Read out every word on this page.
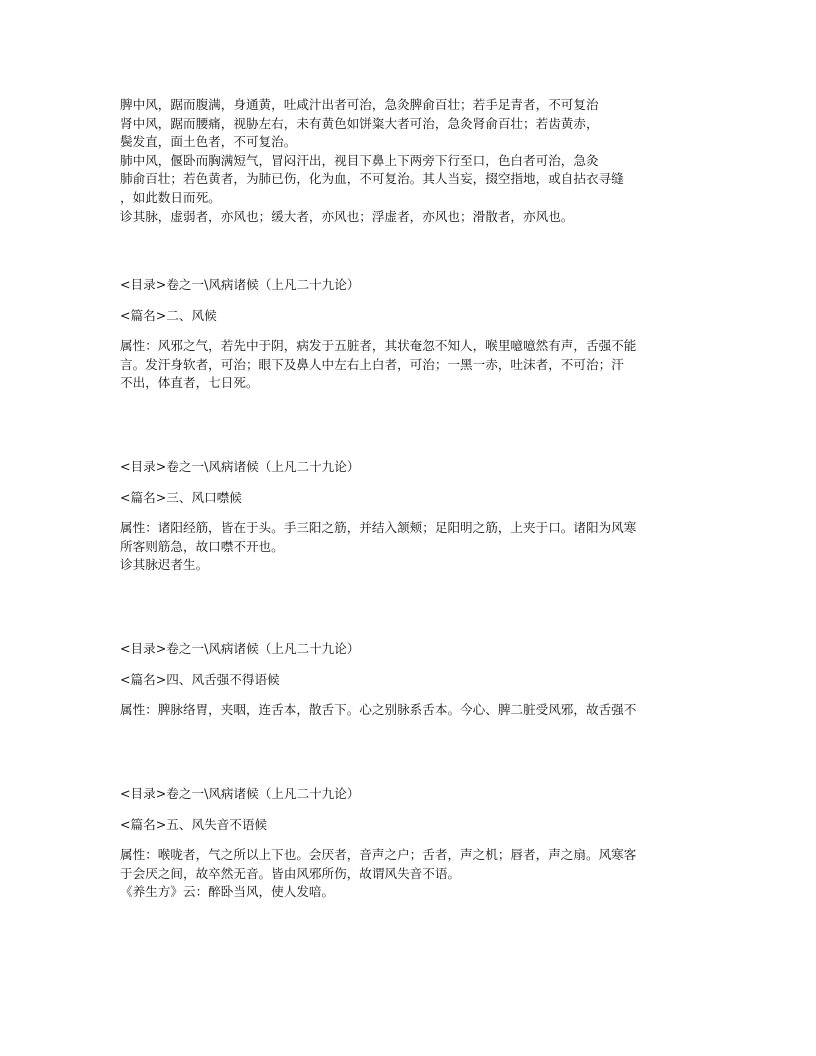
脾中风，踞而腹满，身通黄，吐咸汁出者可治，急灸脾俞百壮；若手足青者，不可复治
肾中风，踞而腰痛，视胁左右，未有黄色如饼粢大者可治，急灸肾俞百壮；若齿黄赤，
鬓发直，面土色者，不可复治。
肺中风，偃卧而胸满短气，冒闷汗出，视目下鼻上下两旁下行至口，色白者可治，急灸
肺俞百壮；若色黄者，为肺已伤，化为血，不可复治。其人当妄，掇空指地，或自拈衣寻缝
，如此数日而死。
诊其脉，虚弱者，亦风也；缓大者，亦风也；浮虚者，亦风也；滑散者，亦风也。
<目录>卷之一\风病诸候（上凡二十九论）
<篇名>二、风候
属性：风邪之气，若先中于阴，病发于五脏者，其状奄忽不知人，喉里噫噫然有声，舌强不能
言。发汗身软者，可治；眼下及鼻人中左右上白者，可治；一黑一赤，吐沫者，不可治；汗
不出，体直者，七日死。
<目录>卷之一\风病诸候（上凡二十九论）
<篇名>三、风口噤候
属性：诸阳经筋，皆在于头。手三阳之筋，并结入颔颊；足阳明之筋，上夹于口。诸阳为风寒
所客则筋急，故口噤不开也。
诊其脉迟者生。
<目录>卷之一\风病诸候（上凡二十九论）
<篇名>四、风舌强不得语候
属性：脾脉络胃，夹咽，连舌本，散舌下。心之别脉系舌本。今心、脾二脏受风邪，故舌强不
<目录>卷之一\风病诸候（上凡二十九论）
<篇名>五、风失音不语候
属性：喉咙者，气之所以上下也。会厌者，音声之户；舌者，声之机；唇者，声之扇。风寒客
于会厌之间，故卒然无音。皆由风邪所伤，故谓风失音不语。
《养生方》云：醉卧当风，使人发喑。
